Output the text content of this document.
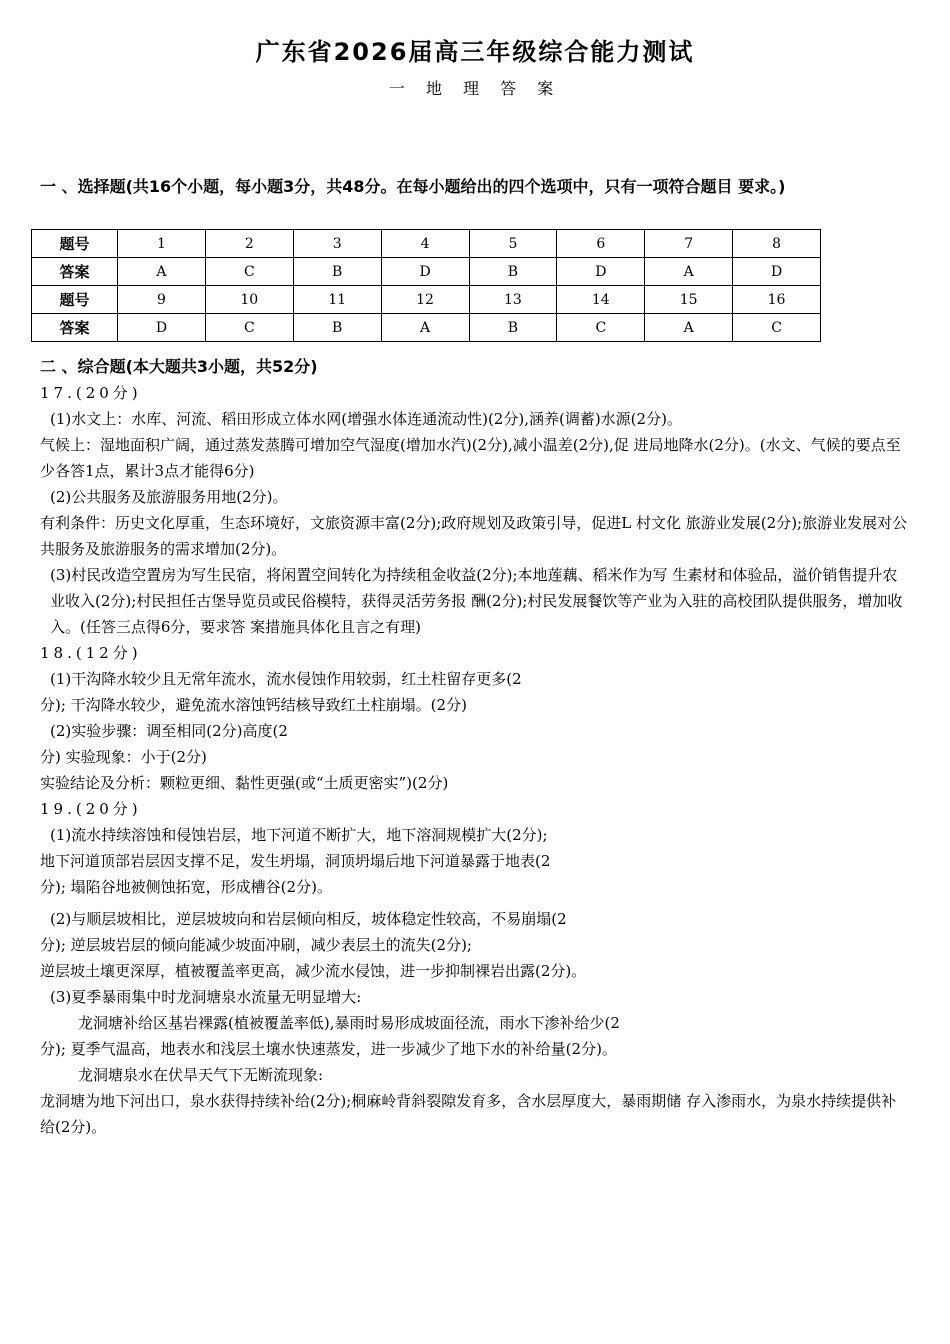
广东省2026届高三年级综合能力测试
一 地 理 答 案
一 、选择题(共16个小题，每小题3分，共48分。在每小题给出的四个选项中，只有一项符合题目 要求。)
题号	1	2	3	4	5	6	7	8
答案	A	C	B	D	B	D	A	D
题号	9	10	11	12	13	14	15	16
答案	D	C	B	A	B	C	A	C

二 、综合题(本大题共3小题，共52分)

17.(20分)

(1)水文上：水库、河流、稻田形成立体水网(增强水体连通流动性)(2分),涵养(调蓄)水源(2分)。

气候上：湿地面积广阔，通过蒸发蒸腾可增加空气湿度(增加水汽)(2分),减小温差(2分),促 进局地降水(2分)。(水文、气候的要点至少各答1点，累计3点才能得6分)

(2)公共服务及旅游服务用地(2分)。

有利条件：历史文化厚重，生态环境好，文旅资源丰富(2分);政府规划及政策引导，促进L 村文化 旅游业发展(2分);旅游业发展对公共服务及旅游服务的需求增加(2分)。

(3)村民改造空置房为写生民宿，将闲置空间转化为持续租金收益(2分);本地莲藕、稻米作为写 生素材和体验品，溢价销售提升农业收入(2分);村民担任古堡导览员或民俗模特，获得灵活劳务报 酬(2分);村民发展餐饮等产业为入驻的高校团队提供服务，增加收入。(任答三点得6分，要求答 案措施具体化且言之有理)

18.(12分)

(1)干沟降水较少且无常年流水，流水侵蚀作用较弱，红土柱留存更多(2

分); 干沟降水较少，避免流水溶蚀钙结核导致红土柱崩塌。(2分)

(2)实验步骤：调至相同(2分)高度(2

分) 实验现象：小于(2分)

实验结论及分析：颗粒更细、黏性更强(或“土质更密实”)(2分)

19.(20分)

(1)流水持续溶蚀和侵蚀岩层，地下河道不断扩大，地下溶洞规模扩大(2分);

地下河道顶部岩层因支撑不足，发生坍塌，洞顶坍塌后地下河道暴露于地表(2

分); 塌陷谷地被侧蚀拓宽，形成槽谷(2分)。

(2)与顺层坡相比，逆层坡坡向和岩层倾向相反，坡体稳定性较高，不易崩塌(2

分); 逆层坡岩层的倾向能减少坡面冲刷，减少表层土的流失(2分);

逆层坡土壤更深厚，植被覆盖率更高，减少流水侵蚀，进一步抑制裸岩出露(2分)。

(3)夏季暴雨集中时龙洞塘泉水流量无明显增大:

龙洞塘补给区基岩裸露(植被覆盖率低),暴雨时易形成坡面径流，雨水下渗补给少(2

分); 夏季气温高，地表水和浅层土壤水快速蒸发，进一步减少了地下水的补给量(2分)。

龙洞塘泉水在伏旱天气下无断流现象:

龙洞塘为地下河出口，泉水获得持续补给(2分);桐麻岭背斜裂隙发育多，含水层厚度大，暴雨期储 存入渗雨水，为泉水持续提供补给(2分)。
